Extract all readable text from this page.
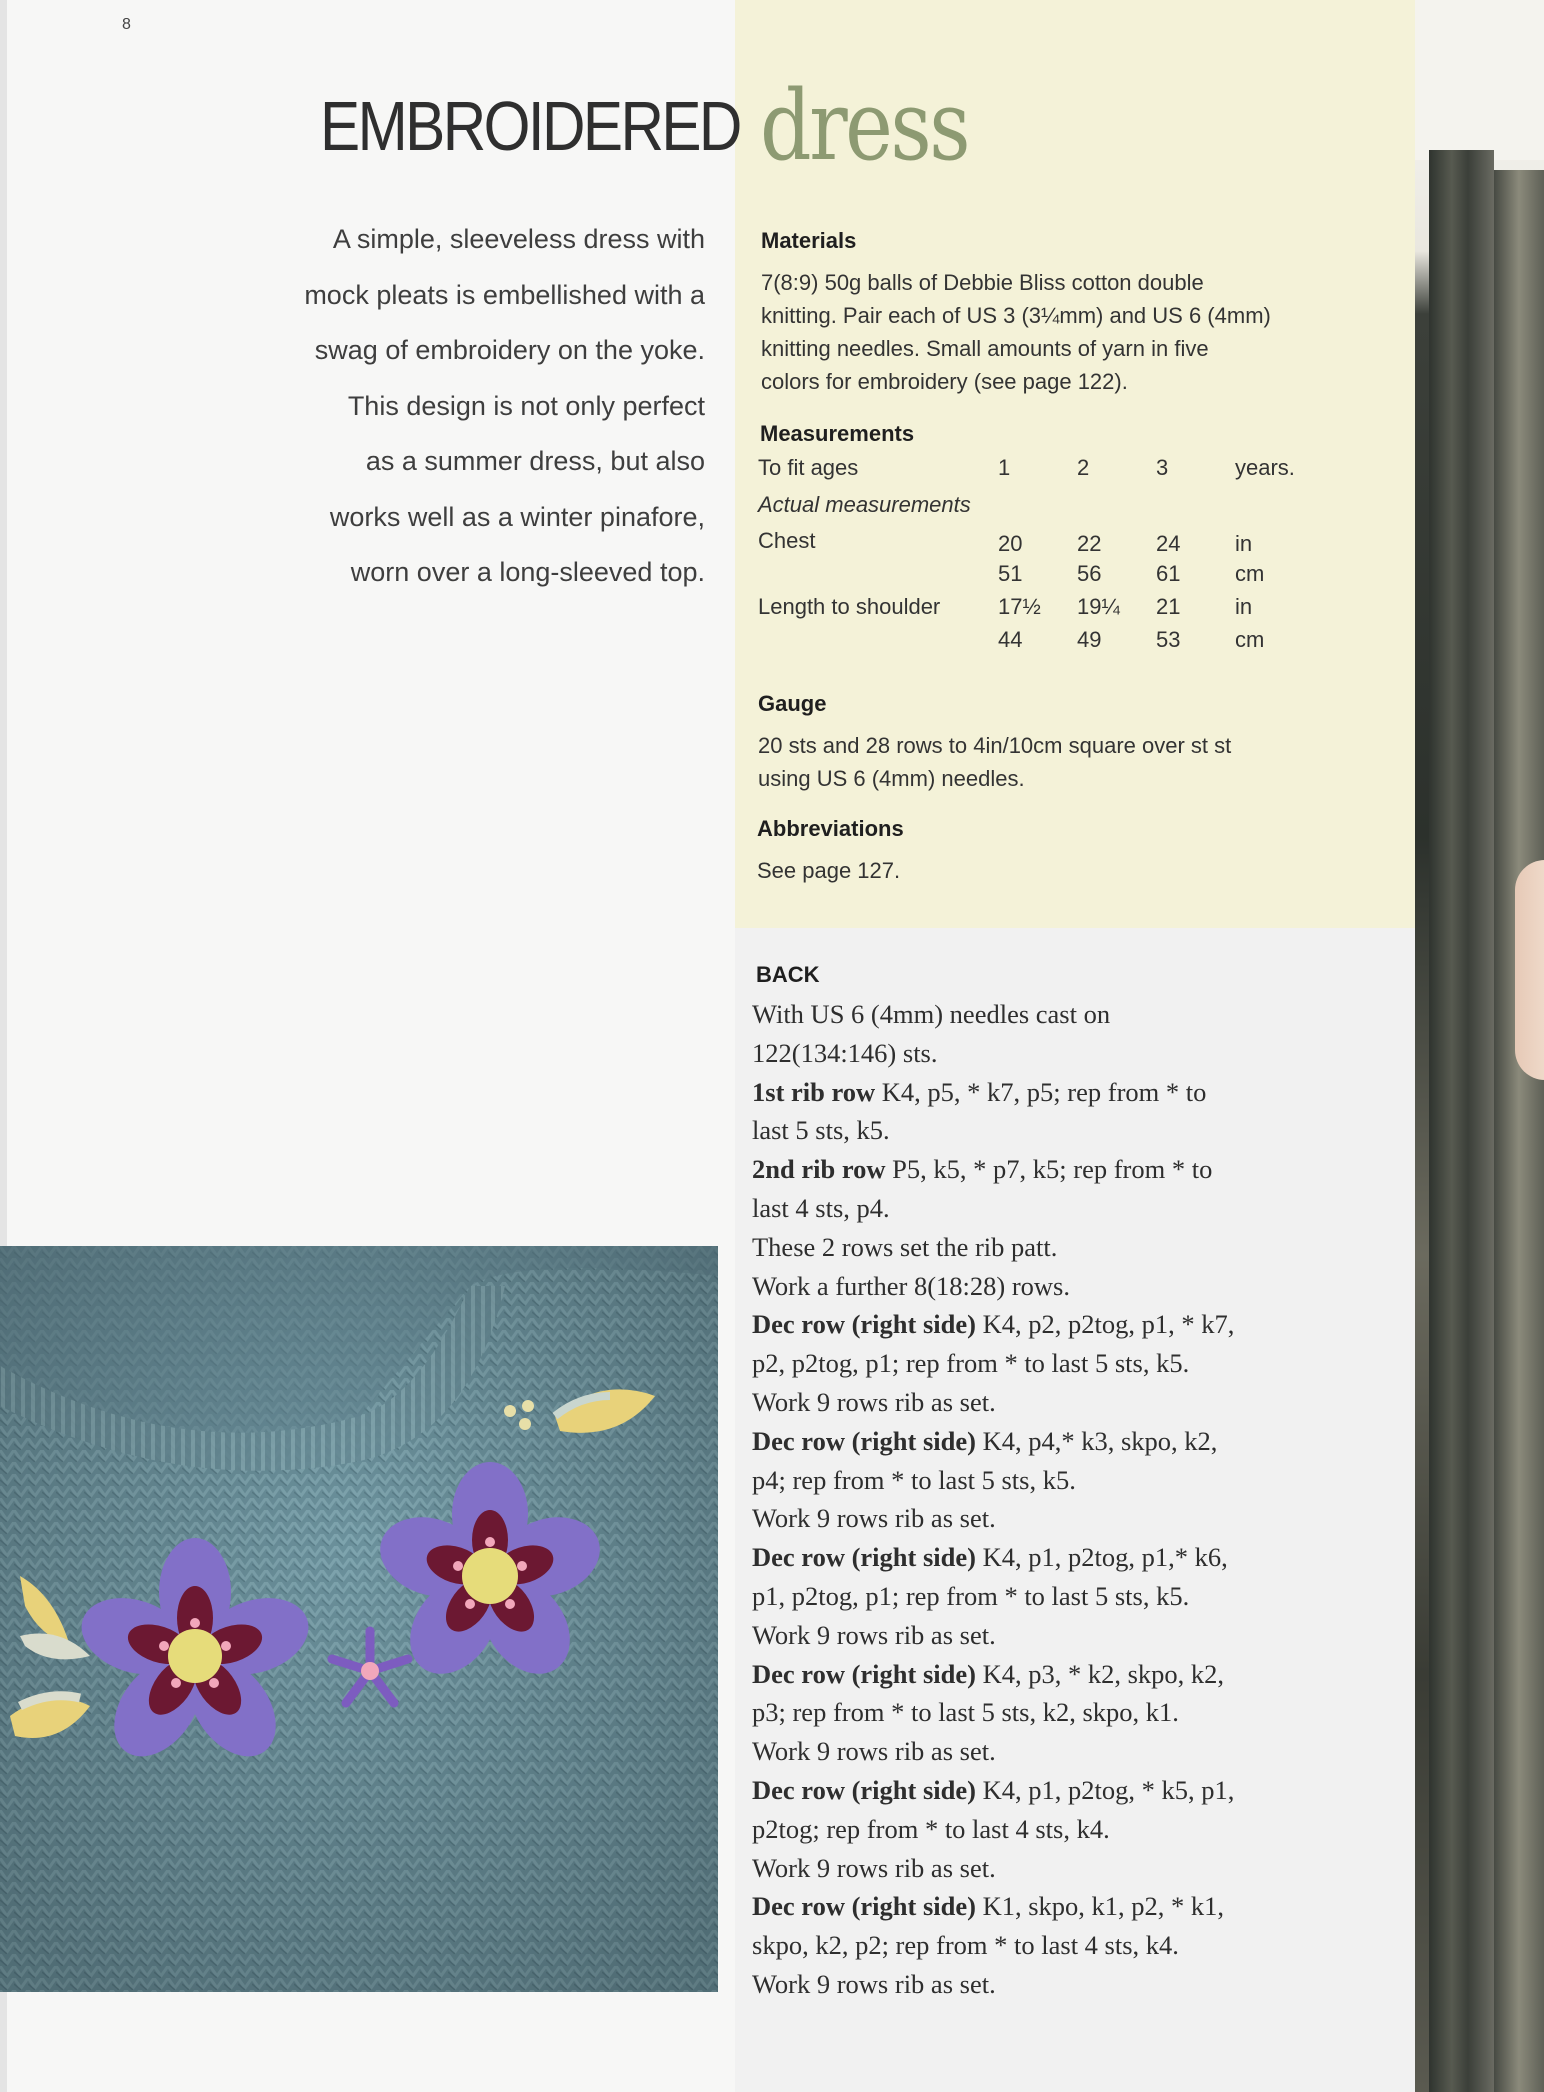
8
EMBROIDERED dress

A simple, sleeveless dress with

mock pleats is embellished with a

swag of embroidery on the yoke.

This design is not only perfect

as a summer dress, but also

works well as a winter pinafore,

worn over a long-sleeved top.

Materials
7(8:9) 50g balls of Debbie Bliss cotton double
knitting. Pair each of US 3 (3¼mm) and US 6 (4mm)
knitting needles. Small amounts of yarn in five
colors for embroidery (see page 122).
Measurements
To fit ages	1	2	3	years.
Actual measurements
Chest	20 22 24 in
51 56 61 cm
Length to shoulder	17½ 19¼ 21 in
44 49 53 cm
Gauge
20 sts and 28 rows to 4in/10cm square over st st
using US 6 (4mm) needles.
Abbreviations
See page 127.
BACK
With US 6 (4mm) needles cast on
122(134:146) sts.
1st rib row K4, p5, * k7, p5; rep from * to
last 5 sts, k5.
2nd rib row P5, k5, * p7, k5; rep from * to
last 4 sts, p4.
These 2 rows set the rib patt.
Work a further 8(18:28) rows.
Dec row (right side) K4, p2, p2tog, p1, * k7,
p2, p2tog, p1; rep from * to last 5 sts, k5.
Work 9 rows rib as set.
Dec row (right side) K4, p4,* k3, skpo, k2,
p4; rep from * to last 5 sts, k5.
Work 9 rows rib as set.
Dec row (right side) K4, p1, p2tog, p1,* k6,
p1, p2tog, p1; rep from * to last 5 sts, k5.
Work 9 rows rib as set.
Dec row (right side) K4, p3, * k2, skpo, k2,
p3; rep from * to last 5 sts, k2, skpo, k1.
Work 9 rows rib as set.
Dec row (right side) K4, p1, p2tog, * k5, p1,
p2tog; rep from * to last 4 sts, k4.
Work 9 rows rib as set.
Dec row (right side) K1, skpo, k1, p2, * k1,
skpo, k2, p2; rep from * to last 4 sts, k4.
Work 9 rows rib as set.
